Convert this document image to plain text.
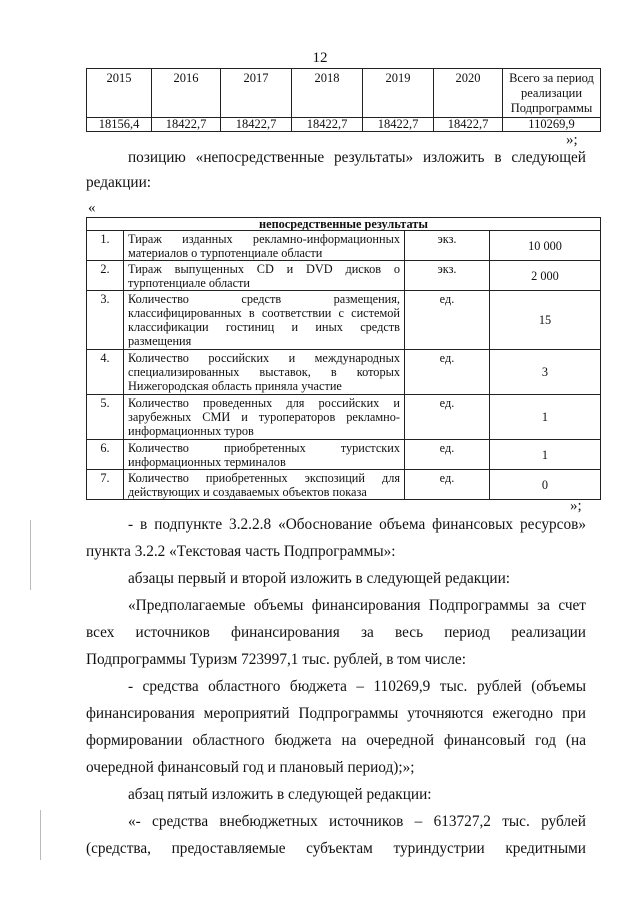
12
2015	2016	2017	2018	2019	2020	Всего за период реализации Подпрограммы
18156,4	18422,7	18422,7	18422,7	18422,7	18422,7	110269,9
»;
позицию «непосредственные результаты» изложить в следующей
редакции:
«
непосредственные результаты			
1.	Тираж изданных рекламно-информационных материалов о турпотенциале области	экз.	10 000
2.	Тираж выпущенных CD и DVD дисков о турпотенциале области	экз.	2 000
3.	Количество средств размещения, классифицированных в соответствии с системой классификации гостиниц и иных средств размещения	ед.	15
4.	Количество российских и международных специализированных выставок, в которых Нижегородская область приняла участие	ед.	3
5.	Количество проведенных для российских и зарубежных СМИ и туроператоров рекламно-информационных туров	ед.	1
6.	Количество приобретенных туристских информационных терминалов	ед.	1
7.	Количество приобретенных экспозиций для действующих и создаваемых объектов показа	ед.	0
»;
- в подпункте 3.2.2.8 «Обоснование объема финансовых ресурсов»
пункта 3.2.2 «Текстовая часть Подпрограммы»:
абзацы первый и второй изложить в следующей редакции:
«Предполагаемые объемы финансирования Подпрограммы за счет
всех источников финансирования за весь период реализации
Подпрограммы Туризм 723997,1 тыс. рублей, в том числе:
- средства областного бюджета – 110269,9 тыс. рублей (объемы
финансирования мероприятий Подпрограммы уточняются ежегодно при
формировании областного бюджета на очередной финансовый год (на
очередной финансовый год и плановый период);»;
абзац пятый изложить в следующей редакции:
«- средства внебюджетных источников – 613727,2 тыс. рублей
(средства, предоставляемые субъектам туриндустрии кредитными
